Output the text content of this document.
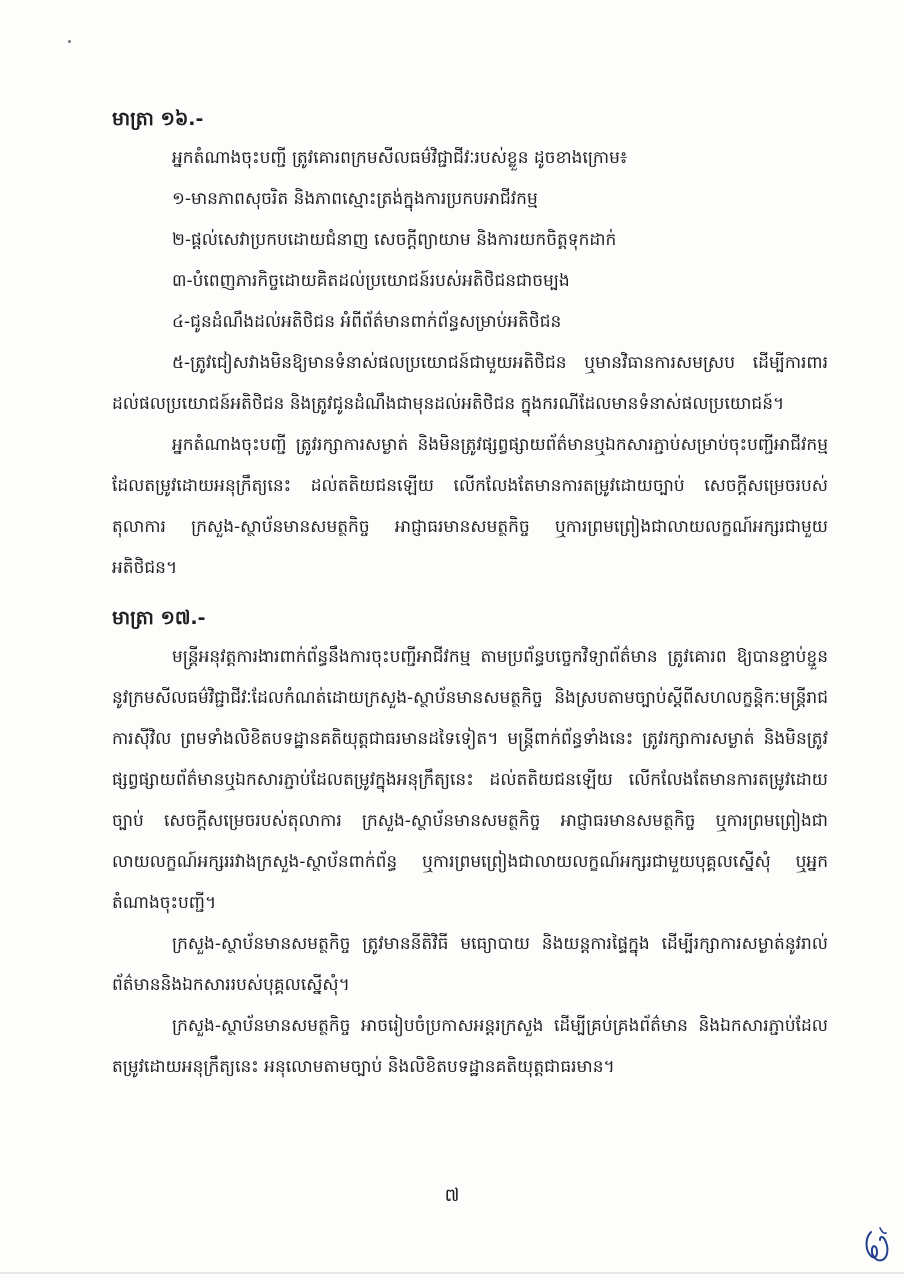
មាត្រា ១៦.-

អ្នកតំណាងចុះបញ្ជី ត្រូវគោរពក្រមសីលធម៌វិជ្ជាជីវៈរបស់ខ្លួន ដូចខាងក្រោម៖

១-មានភាពសុចរិត និងភាពស្មោះត្រង់ក្នុងការប្រកបអាជីវកម្ម

២-ផ្តល់សេវាប្រកបដោយជំនាញ សេចក្តីព្យាយាម និងការយកចិត្តទុកដាក់

៣-បំពេញភារកិច្ចដោយគិតដល់ប្រយោជន៍របស់អតិថិជនជាចម្បង

៤-ជូនដំណឹងដល់អតិថិជន អំពីព័ត៌មានពាក់ព័ន្ធសម្រាប់អតិថិជន

៥-ត្រូវជៀសវាងមិនឱ្យមានទំនាស់ផលប្រយោជន៍ជាមួយអតិថិជន ឬមានវិធានការសមស្រប ដើម្បីការពារដល់ផលប្រយោជន៍អតិថិជន និងត្រូវជូនដំណឹងជាមុនដល់អតិថិជន ក្នុងករណីដែលមានទំនាស់ផលប្រយោជន៍។

អ្នកតំណាងចុះបញ្ជី ត្រូវរក្សាការសម្ងាត់ និងមិនត្រូវផ្សព្វផ្សាយព័ត៌មានឬឯកសារភ្ជាប់សម្រាប់ចុះបញ្ជីអាជីវកម្មដែលតម្រូវដោយអនុក្រឹត្យនេះ ដល់តតិយជនឡើយ លើកលែងតែមានការតម្រូវដោយច្បាប់ សេចក្តីសម្រេចរបស់តុលាការ ក្រសួង-ស្ថាប័នមានសមត្ថកិច្ច អាជ្ញាធរមានសមត្ថកិច្ច ឬការព្រមព្រៀងជាលាយលក្ខណ៍អក្សរជាមួយអតិថិជន។

មាត្រា ១៧.-

មន្ត្រីអនុវត្តការងារពាក់ព័ន្ធនឹងការចុះបញ្ជីអាជីវកម្ម តាមប្រព័ន្ធបច្ចេកវិទ្យាព័ត៌មាន ត្រូវគោរព ឱ្យបានខ្ជាប់ខ្ជួននូវក្រមសីលធម៌វិជ្ជាជីវៈដែលកំណត់ដោយក្រសួង-ស្ថាប័នមានសមត្ថកិច្ច និងស្របតាមច្បាប់ស្តីពីសហលក្ខន្តិកៈមន្ត្រីរាជការស៊ីវិល ព្រមទាំងលិខិតបទដ្ឋានគតិយុត្តជាធរមានដទៃទៀត។ មន្ត្រីពាក់ព័ន្ធទាំងនេះ ត្រូវរក្សាការសម្ងាត់ និងមិនត្រូវផ្សព្វផ្សាយព័ត៌មានឬឯកសារភ្ជាប់ដែលតម្រូវក្នុងអនុក្រឹត្យនេះ ដល់តតិយជនឡើយ លើកលែងតែមានការតម្រូវដោយច្បាប់ សេចក្តីសម្រេចរបស់តុលាការ ក្រសួង-ស្ថាប័នមានសមត្ថកិច្ច អាជ្ញាធរមានសមត្ថកិច្ច ឬការព្រមព្រៀងជាលាយលក្ខណ៍អក្សររវាងក្រសួង-ស្ថាប័នពាក់ព័ន្ធ ឬការព្រមព្រៀងជាលាយលក្ខណ៍អក្សរជាមួយបុគ្គលស្នើសុំ ឬអ្នកតំណាងចុះបញ្ជី។

ក្រសួង-ស្ថាប័នមានសមត្ថកិច្ច ត្រូវមាននីតិវិធី មធ្យោបាយ និងយន្តការផ្ទៃក្នុង ដើម្បីរក្សាការសម្ងាត់នូវរាល់ព័ត៌មាននិងឯកសាររបស់បុគ្គលស្នើសុំ។

ក្រសួង-ស្ថាប័នមានសមត្ថកិច្ច អាចរៀបចំប្រកាសអន្តរក្រសួង ដើម្បីគ្រប់គ្រងព័ត៌មាន និងឯកសារភ្ជាប់ដែលតម្រូវដោយអនុក្រឹត្យនេះ អនុលោមតាមច្បាប់ និងលិខិតបទដ្ឋានគតិយុត្តជាធរមាន។

៧
